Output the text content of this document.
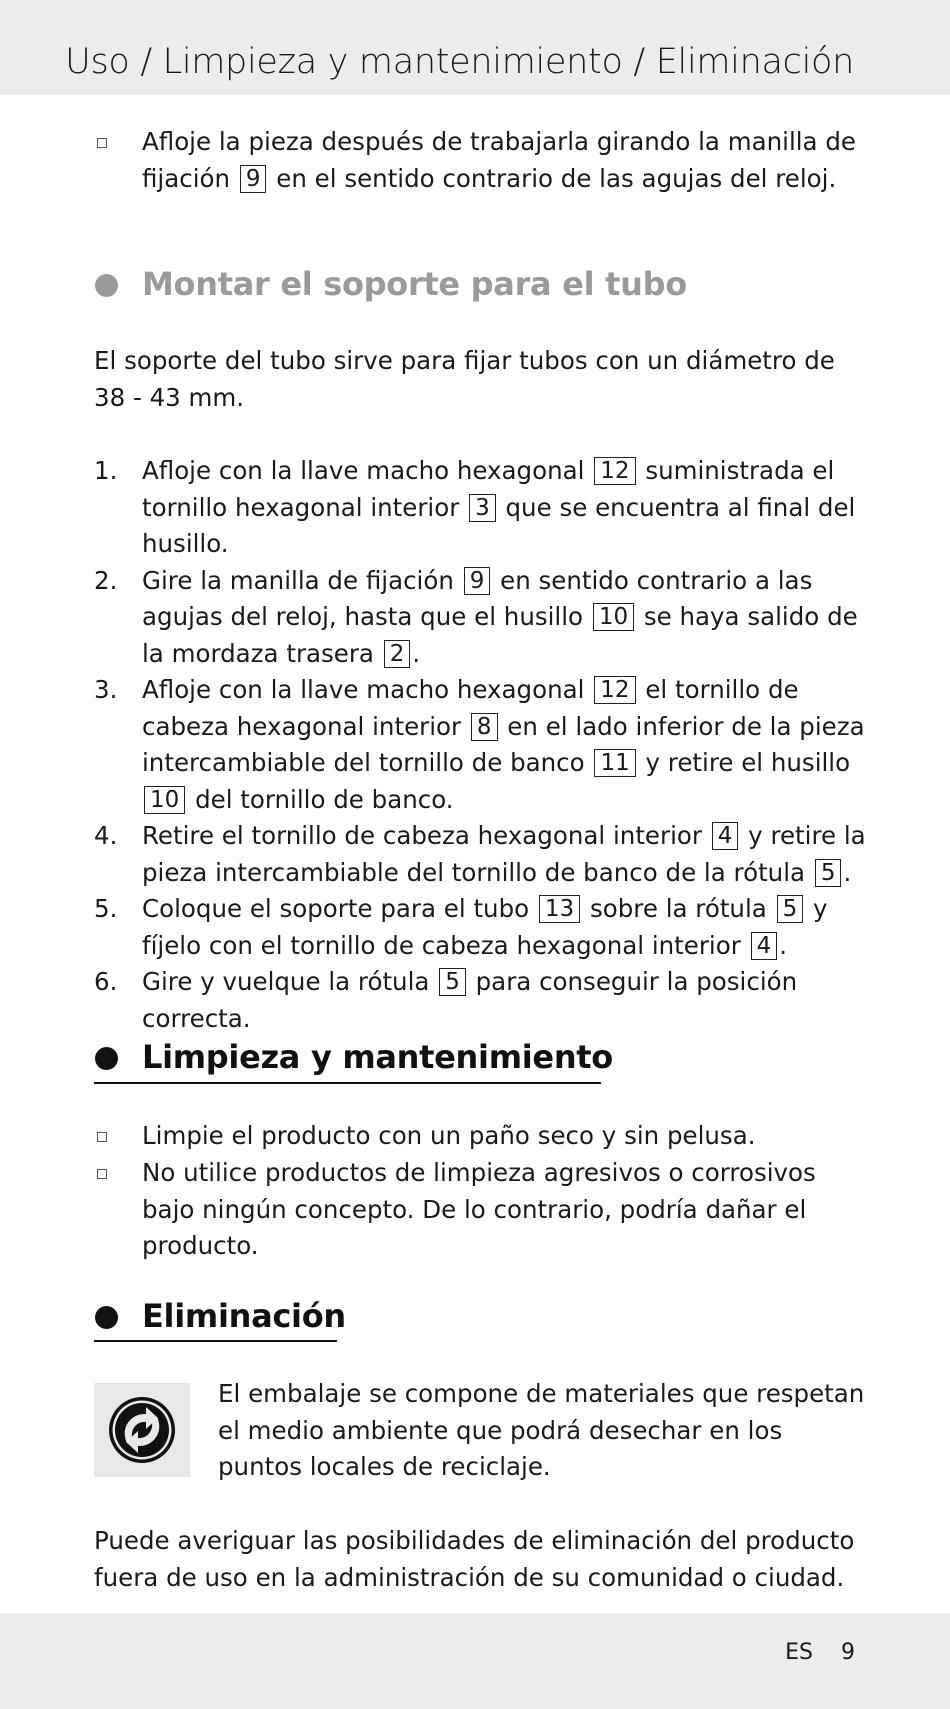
Uso / Limpieza y mantenimiento / Eliminación
Afloje la pieza después de trabajarla girando la manilla de fijación 9 en el sentido contrario de las agujas del reloj.
Montar el soporte para el tubo
El soporte del tubo sirve para fijar tubos con un diámetro de 38 - 43 mm.
1. Afloje con la llave macho hexagonal 12 suministrada el tornillo hexagonal interior 3 que se encuentra al final del husillo.
2. Gire la manilla de fijación 9 en sentido contrario a las agujas del reloj, hasta que el husillo 10 se haya salido de la mordaza trasera 2 .
3. Afloje con la llave macho hexagonal 12 el tornillo de cabeza hexagonal interior 8 en el lado inferior de la pieza intercambiable del tornillo de banco 11 y retire el husillo 10 del tornillo de banco.
4. Retire el tornillo de cabeza hexagonal interior 4 y retire la pieza intercambiable del tornillo de banco de la rótula 5 .
5. Coloque el soporte para el tubo 13 sobre la rótula 5 y fíjelo con el tornillo de cabeza hexagonal interior 4 .
6. Gire y vuelque la rótula 5 para conseguir la posición correcta.
Limpieza y mantenimiento
Limpie el producto con un paño seco y sin pelusa.
No utilice productos de limpieza agresivos o corrosivos bajo ningún concepto. De lo contrario, podría dañar el producto.
Eliminación
El embalaje se compone de materiales que respetan el medio ambiente que podrá desechar en los puntos locales de reciclaje.
Puede averiguar las posibilidades de eliminación del producto fuera de uso en la administración de su comunidad o ciudad.
ES 9
